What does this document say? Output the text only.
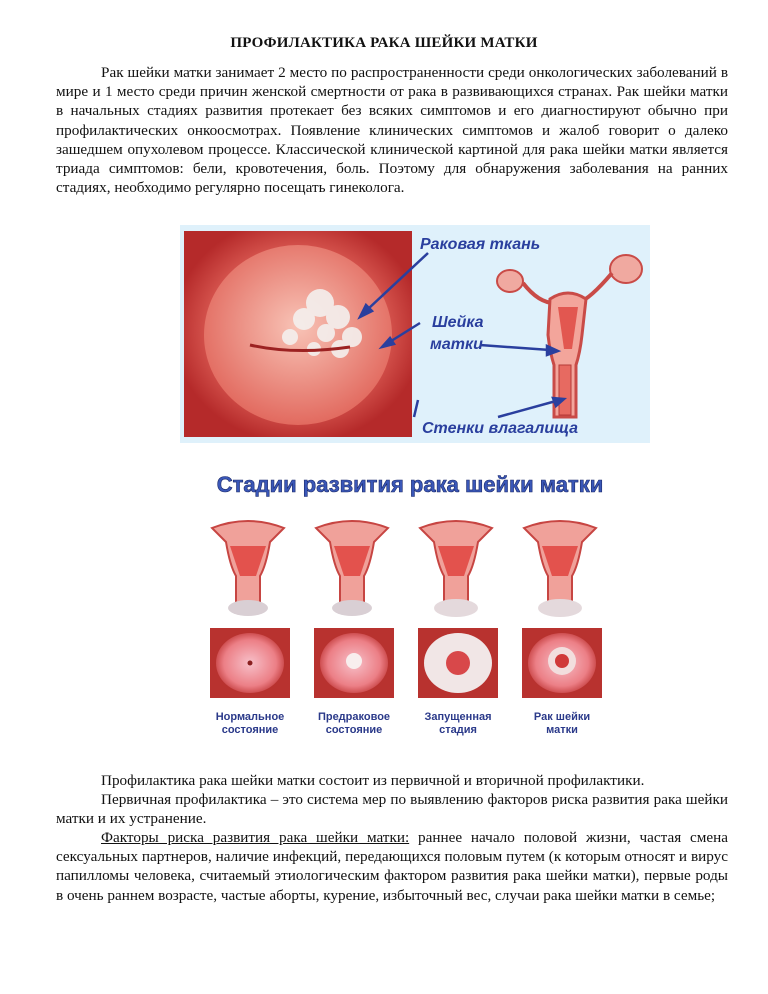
ПРОФИЛАКТИКА РАКА ШЕЙКИ МАТКИ

Рак шейки матки занимает 2 место по распространенности среди онкологических заболеваний в мире и 1 место среди причин женской смертности от рака в развивающихся странах. Рак шейки матки в начальных стадиях развития протекает без всяких симптомов и его диагностируют обычно при профилактических онкоосмотрах. Появление клинических симптомов и жалоб говорит о далеко зашедшем опухолевом процессе. Классической клинической картиной для рака шейки матки является триада симптомов: бели, кровотечения, боль. Поэтому для обнаружения заболевания на ранних стадиях, необходимо регулярно посещать гинеколога.

Раковая ткань
Шейка
матки
Стенки влагалища
Стадии развития рака шейки матки
Нормальное
состояние
Предраковое
состояние
Запущенная
стадия
Рак шейки
матки

Профилактика рака шейки матки состоит из первичной и вторичной профилактики.

Первичная профилактика – это система мер по выявлению факторов риска развития рака шейки матки и их устранение.

Факторы риска развития рака шейки матки: раннее начало половой жизни, частая смена сексуальных партнеров, наличие инфекций, передающихся половым путем (к которым относят и вирус папилломы человека, считаемый этиологическим фактором развития рака шейки матки), первые роды в очень раннем возрасте, частые аборты, курение, избыточный вес, случаи рака шейки матки в семье;
